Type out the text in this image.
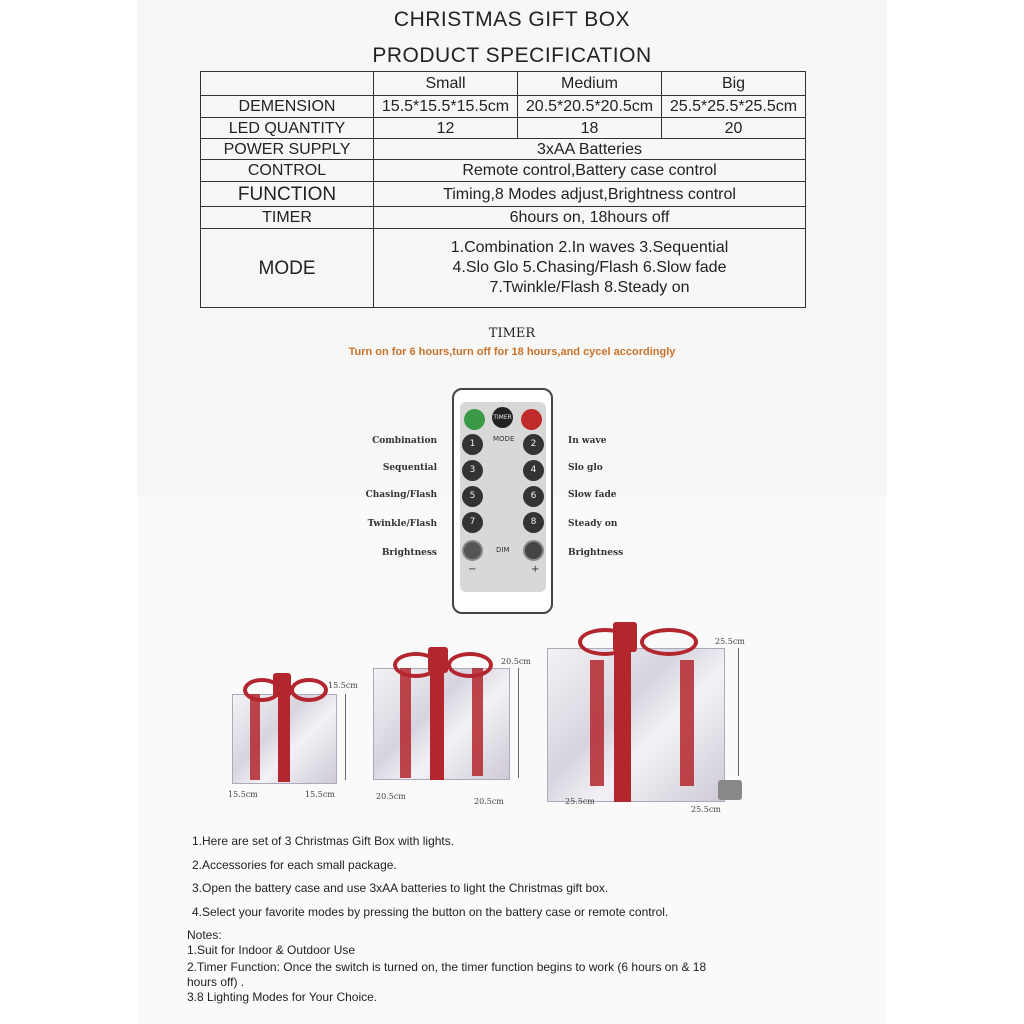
CHRISTMAS GIFT BOX
PRODUCT SPECIFICATION
	Small	Medium	Big
DEMENSION	15.5*15.5*15.5cm	20.5*20.5*20.5cm	25.5*25.5*25.5cm
LED QUANTITY	12	18	20
POWER SUPPLY	3xAA Batteries		
CONTROL	Remote control,Battery case control		
FUNCTION	Timing,8 Modes adjust,Brightness control		
TIMER	6hours on, 18hours off		
MODE	1.Combination 2.In waves 3.Sequential
4.Slo Glo 5.Chasing/Flash 6.Slow fade
7.Twinkle/Flash 8.Steady on		
TIMER
Turn on for 6 hours,turn off for 18 hours,and cycel accordingly
TIMER
MODE
1	2
3	4
5	6
7	8
DIM
−	+
Combination
Sequential
Chasing/Flash
Twinkle/Flash
Brightness
In wave
Slo glo
Slow fade
Steady on
Brightness
15.5cm
15.5cm	15.5cm
20.5cm
20.5cm
20.5cm
25.5cm
25.5cm
25.5cm
1.Here are set of 3 Christmas Gift Box with lights.
2.Accessories for each small package.
3.Open the battery case and use 3xAA batteries to light the Christmas gift box.
4.Select your favorite modes by pressing the button on the battery case or remote control.
Notes:
1.Suit for Indoor & Outdoor Use
2.Timer Function: Once the switch is turned on, the timer function begins to work (6 hours on & 18
hours off) .
3.8 Lighting Modes for Your Choice.
